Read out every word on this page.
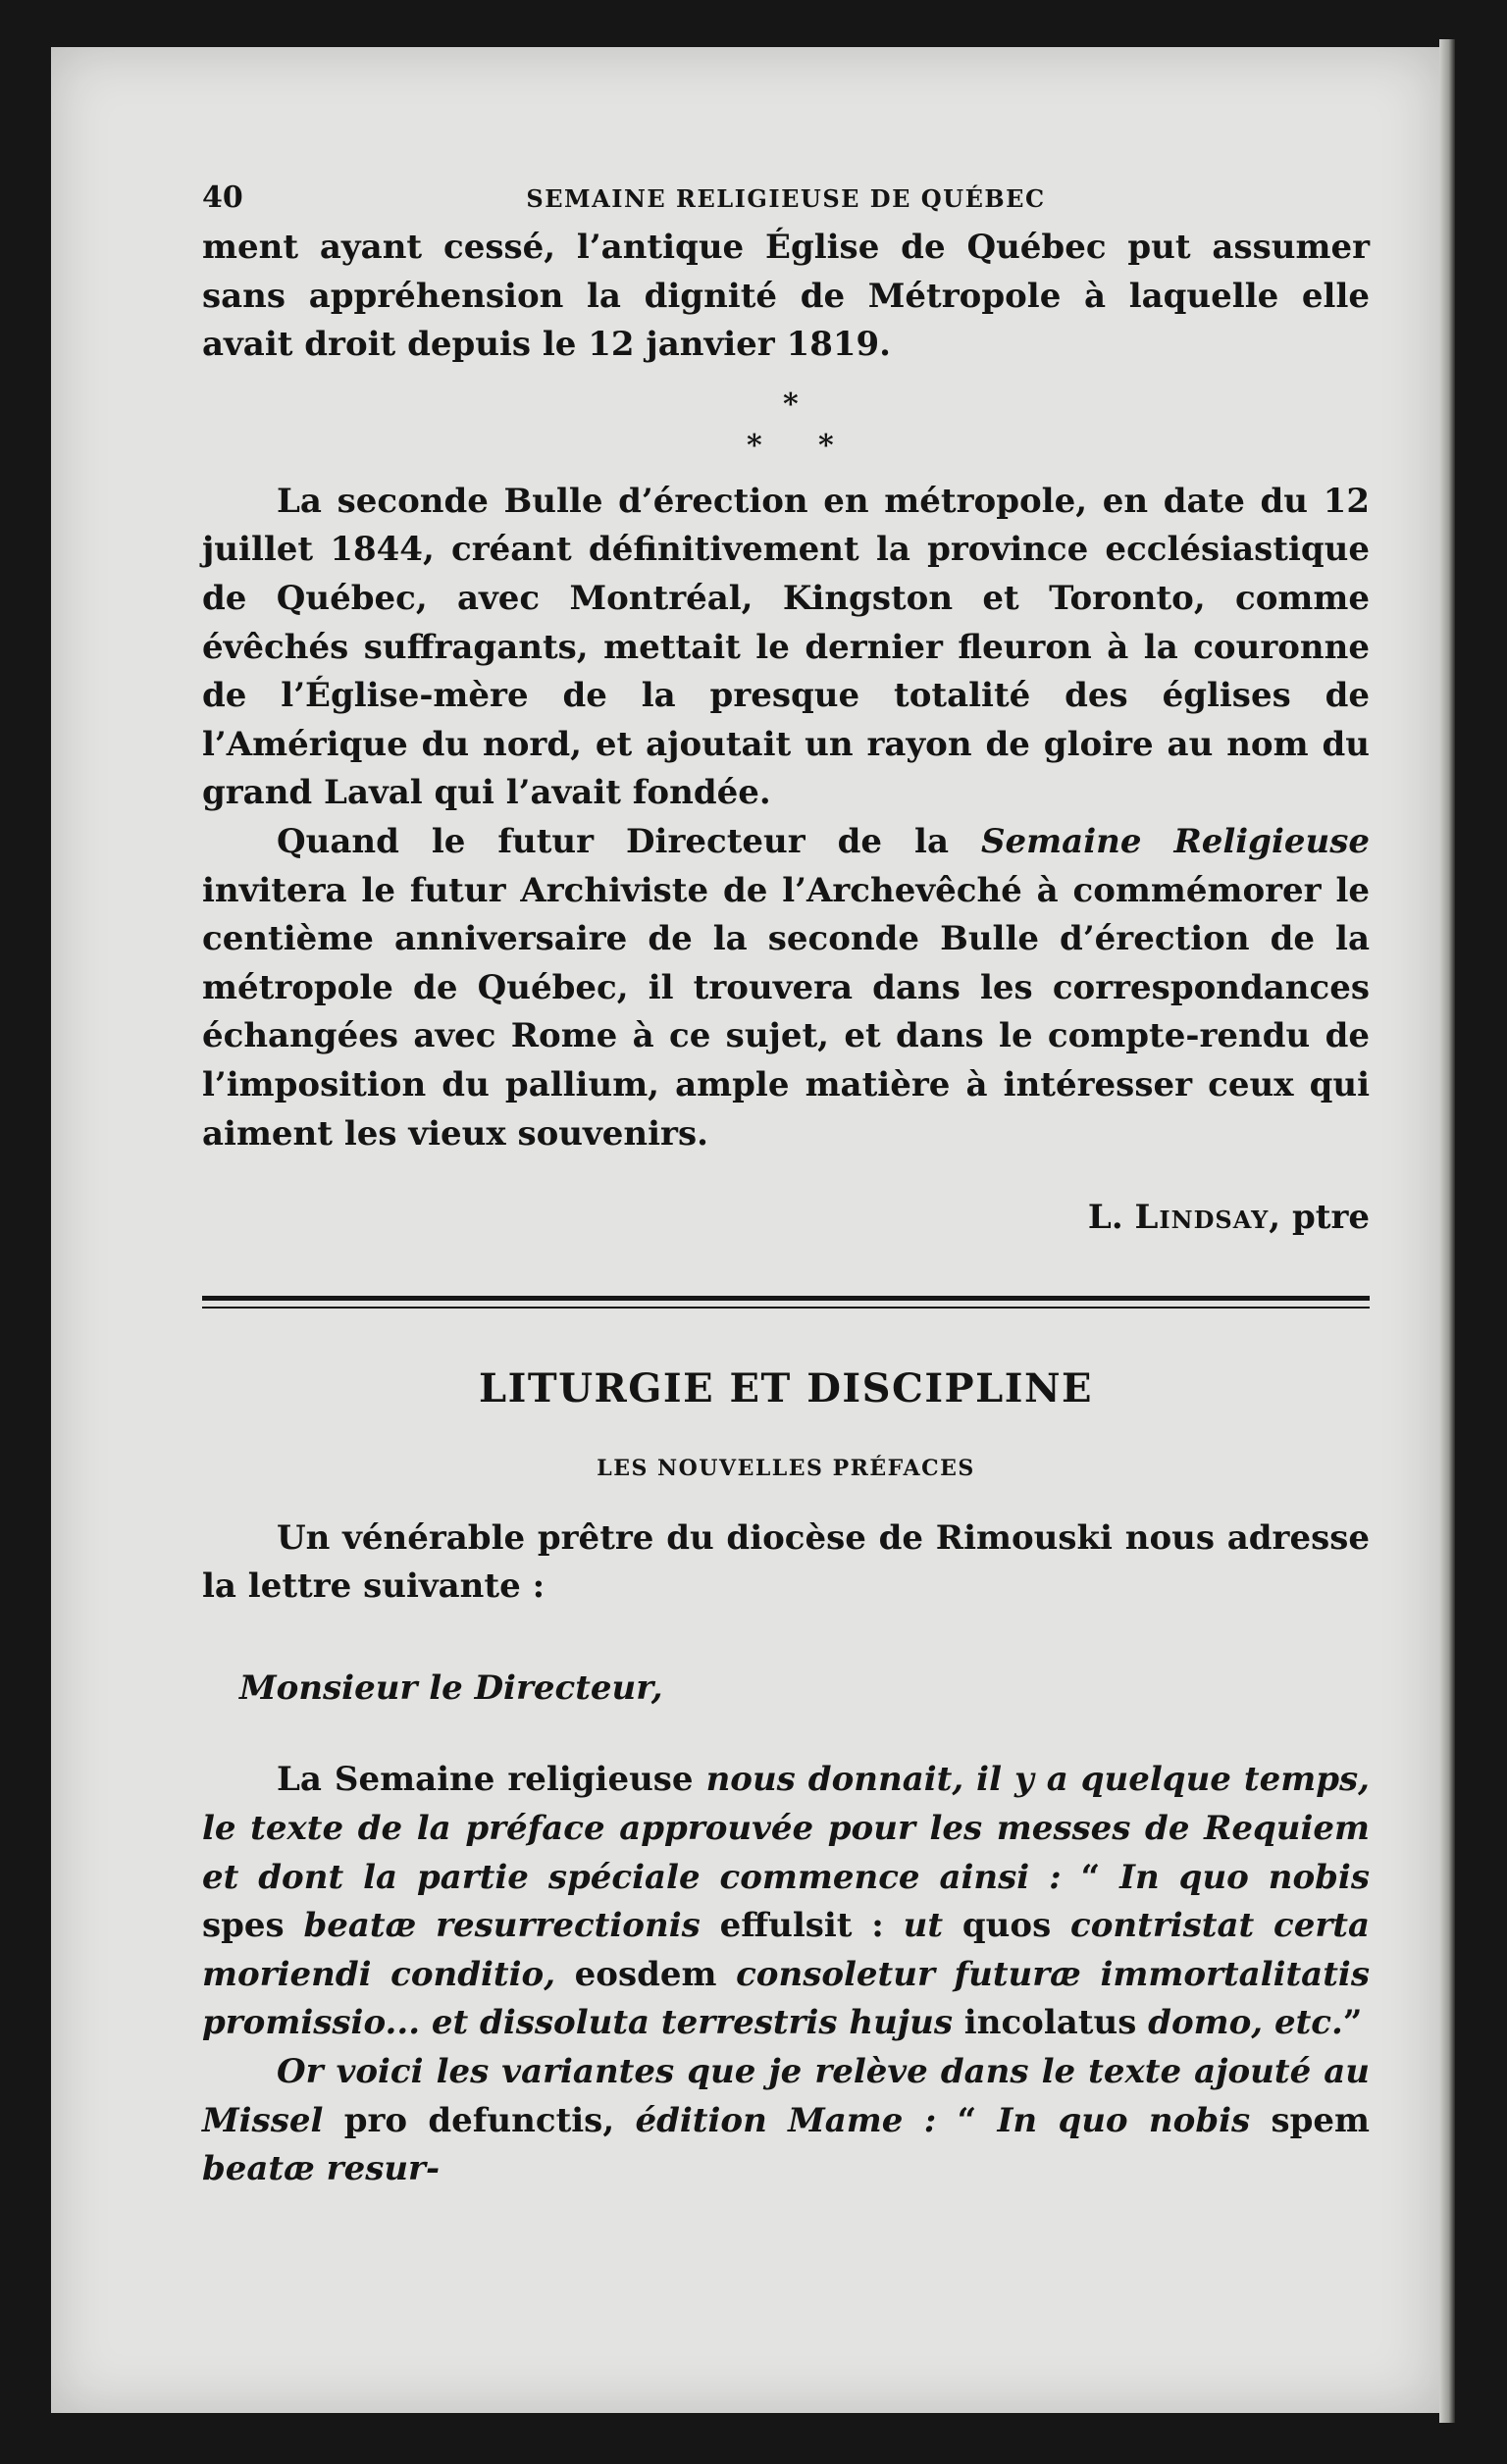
40	SEMAINE RELIGIEUSE DE QUÉBEC

ment ayant cessé, l’antique Église de Québec put assumer sans appréhension la dignité de Métropole à laquelle elle avait droit depuis le 12 janvier 1819.

*
* *

La seconde Bulle d’érection en métropole, en date du 12 juillet 1844, créant définitivement la province ecclésiastique de Québec, avec Montréal, Kingston et Toronto, comme évêchés suffragants, mettait le dernier fleuron à la couronne de l’Église-mère de la presque totalité des églises de l’Amérique du nord, et ajoutait un rayon de gloire au nom du grand Laval qui l’avait fondée.

Quand le futur Directeur de la Semaine Religieuse invitera le futur Archiviste de l’Archevêché à commémorer le centième anniversaire de la seconde Bulle d’érection de la métropole de Québec, il trouvera dans les correspondances échangées avec Rome à ce sujet, et dans le compte-rendu de l’imposition du pallium, ample matière à intéresser ceux qui aiment les vieux souvenirs.

L. Lindsay, ptre
LITURGIE ET DISCIPLINE
LES NOUVELLES PRÉFACES

Un vénérable prêtre du diocèse de Rimouski nous adresse la lettre suivante :

Monsieur le Directeur,

La Semaine religieuse nous donnait, il y a quelque temps, le texte de la préface approuvée pour les messes de Requiem et dont la partie spéciale commence ainsi : “ In quo nobis spes beatæ resurrectionis effulsit : ut quos contristat certa moriendi conditio, eosdem consoletur futuræ immortalitatis promissio... et dissoluta terrestris hujus incolatus domo, etc.”

Or voici les variantes que je relève dans le texte ajouté au Missel pro defunctis, édition Mame : “ In quo nobis spem beatæ resur-
